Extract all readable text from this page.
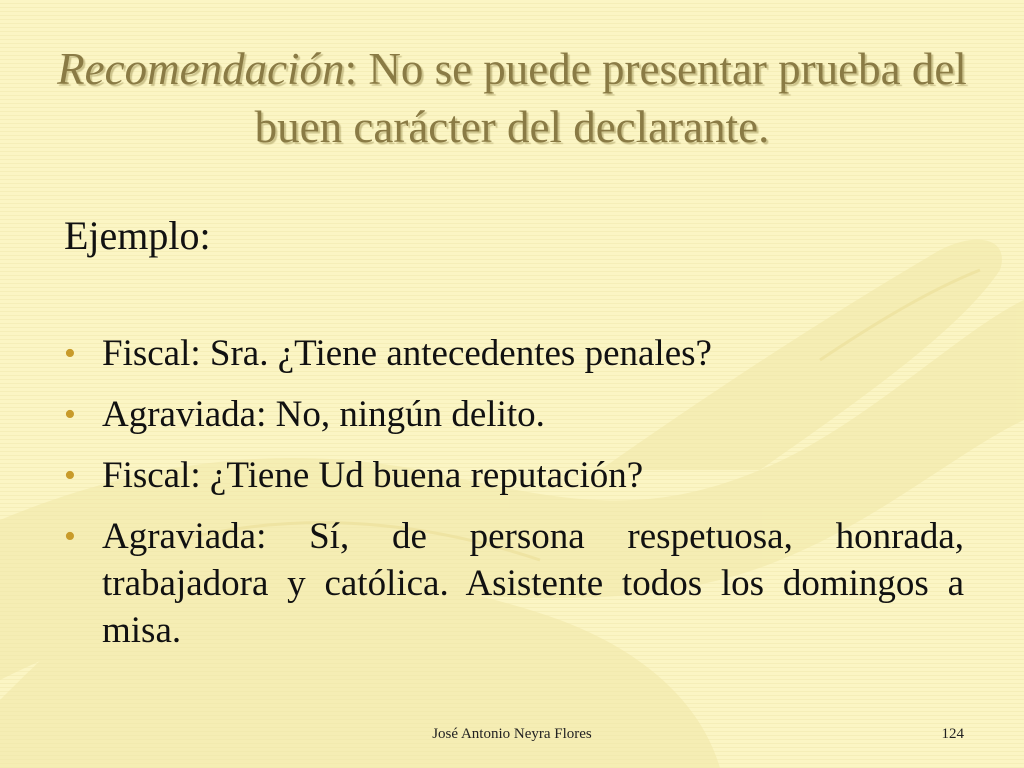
Recomendación: No se puede presentar prueba del buen carácter del declarante.
Ejemplo:
• Fiscal: Sra. ¿Tiene antecedentes penales?
• Agraviada: No, ningún delito.
• Fiscal: ¿Tiene Ud buena reputación?
• Agraviada: Sí, de persona respetuosa, honrada, trabajadora y católica. Asistente todos los domingos a misa.
José Antonio Neyra Flores	124
